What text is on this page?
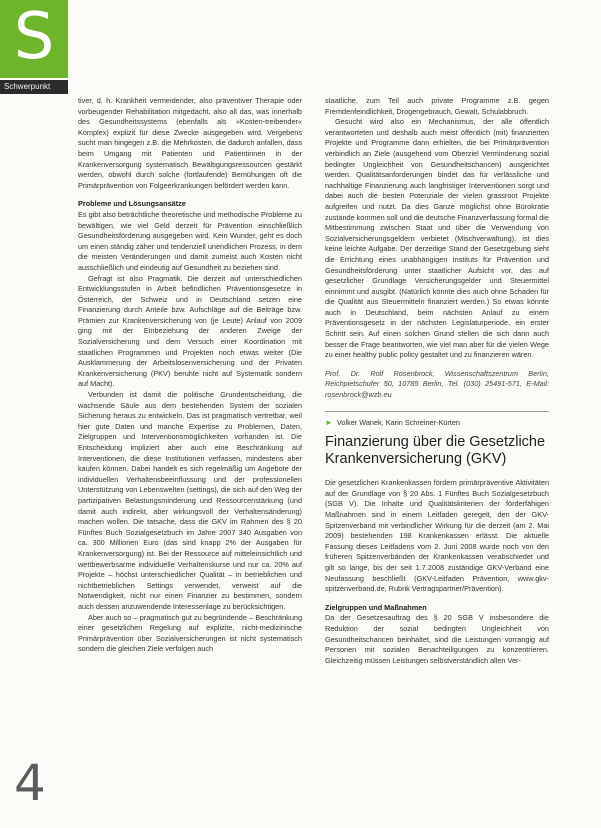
S
Schwerpunkt

tiver, d. h. Krankheit vermeidender, also präventiver Therapie oder vorbeugender Rehabilitation mitgedacht, also all das, was innerhalb des Gesundheitssystems (ebenfalls als »Kosten-treibender« Komplex) explizit für diese Zwecke ausgegeben wird. Vergebens sucht man hingegen z.B. die Mehrkosten, die dadurch anfallen, dass beim Umgang mit Patienten und Patientinnen in der Krankenversorgung systematisch Bewältigungsressourcen gestärkt werden, obwohl durch solche (fortlaufende) Bemühungen oft die Primärprävention von Folgeerkrankungen befördert werden kann.

Probleme und Lösungsansätze

Es gibt also beträchtliche theoretische und methodische Probleme zu bewältigen, wie viel Geld derzeit für Prävention einschließlich Gesundheitsförderung ausgegeben wird. Kein Wunder, geht es doch um einen ständig zäher und tendenziell unendlichen Prozess, in dem die meisten Veränderungen und damit zumeist auch Kosten nicht ausschließlich und eindeutig auf Gesundheit zu beziehen sind.

Gefragt ist also Pragmatik. Die derzeit auf unterschiedlichen Entwicklungsstufen in Arbeit befindlichen Präventionsgesetze in Österreich, der Schweiz und in Deutschland setzen eine Finanzierung durch Anteile bzw. Aufschläge auf die Beiträge bzw. Prämien zur Krankenversicherung von (je Leute) Anlauf von 2009 ging mit der Einbeziehung der anderen Zweige der Sozialversicherung und dem Versuch einer Koordination mit staatlichen Programmen und Projekten noch etwas weiter (Die Ausklammerung der Arbeitslosenversicherung und der Privaten Krankenversicherung (PKV) beruhte nicht auf Systematik sondern auf Macht).

Verbunden ist damit die politische Grundentscheidung, die wachsende Säule aus dem bestehenden System der sozialen Sicherung heraus zu entwickeln. Das ist pragmatisch vertretbar, weil hier gute Daten und manche Expertise zu Problemen, Daten, Zielgruppen und Interventionsmöglichkeiten vorhanden ist. Die Entscheidung impliziert aber auch eine Beschränkung auf Interventionen, die diese Institutionen verfassen, mindestens aber kaufen können. Dabei handelt es sich regelmäßig um Angebote der individuellen Verhaltensbeeinflussung und der professionellen Unterstützung von Lebenswelten (settings), die sich auf den Weg der partizipativen Belastungsminderung und Ressourcenstärkung (und damit auch indirekt, aber wirkungsvoll der Verhaltensänderung) machen wollen. Die tatsache, dass die GKV im Rahmen des § 20 Fünftes Buch Sozialgesetzbuch im Jahre 2007 340 Ausgaben von ca. 300 Millionen Euro (das sind knapp 2% der Ausgaben für Krankenversorgung) ist. Bei der Ressource auf mitteleinsichtlich und wettbewerbsarme individuelle Verhaltenskurse und nur ca. 20% auf Projekte – höchst unterschiedlicher Qualität – in betrieblichen und nichtbetrieblichen Settings verwendet, verweist auf die Notwendigkeit, nicht nur einen Finanzier zu bestimmen, sondern auch dessen anzuwendende Interessenlage zu berücksichtigen.

Aber auch so – pragmatisch gut zu begründende – Beschränkung einer gesetzlichen Regelung auf explizite, nicht-medizinische Primärprävention über Sozialversicherungen ist nicht systematisch sondern die gleichen Ziele verfolgen auch

staatliche, zum Teil auch private Programme z.B. gegen Fremdenfeindlichkeit, Drogengebrauch, Gewalt, Schulabbruch.

Gesucht wird also ein Mechanismus, der alle öffentlich verantworteten und deshalb auch meist öffentlich (mit) finanzierten Projekte und Programme dann erhielten, die bei Primärprävention verbindlich an Ziele (ausgehend vom Oberziel Verminderung sozial bedingter Ungleichheit von Gesundheitschancen) ausgerichtet werden. Qualitätsanforderungen bindet das für verlässliche und nachhaltige Finanzierung auch langfristiger Interventionen sorgt und dabei auch die besten Potenziale der vielen grassroot Projekte aufgreifen und nutzt. Da dies Ganze möglichst ohne Bürokratie zustande kommen soll und die deutsche Finanzverfassung formal die Mitbestimmung zwischen Staat und über die Verwendung von Sozialversicherungsgeldern verbietet (Mischverwaltung), ist dies keine leichte Aufgabe. Der derzeitige Stand der Gesetzgebung sieht die Errichtung eines unabhängigen Instituts für Prävention und Gesundheitsförderung unter staatlicher Aufsicht vor, das auf gesetzlicher Grundlage Versicherungsgelder und Steuermittel einnimmt und ausgibt. (Natürlich könnte dies auch ohne Schaden für die Qualität aus Steuermitteln finanziert werden.) So etwas könnte auch in Deutschland, beim nächsten Anlauf zu einem Präventionsgesetz in der nächsten Legislaturperiode, ein erster Schritt sein. Auf einen solchen Grund stellen die sich dann auch besser die Frage beantworten, wie viel man aber für die vielen Wege zu einer healthy public policy gestaltet und zu finanzieren wären.

Prof. Dr. Rolf Rosenbrock, Wissenschaftszentrum Berlin, Reichpietschufer 50, 10785 Berlin, Tel. (030) 25491-571, E-Mail: rosenbrock@wzb.eu

► Volker Wanek, Karin Schreiner-Kürten

Finanzierung über die Gesetzliche Krankenversicherung (GKV)

Die gesetzlichen Krankenkassen fördern primärpräventive Aktivitäten auf der Grundlage von § 20 Abs. 1 Fünftes Buch Sozialgesetzbuch (SGB V). Die Inhalte und Qualitätskriterien der förderfähigen Maßnahmen sind in einem Leitfaden geregelt, den der GKV-Spitzenverband mit verbindlicher Wirkung für die derzeit (am 2. Mai 2009) bestehenden 198 Krankenkassen erlässt. Die aktuelle Fassung dieses Leitfadens vom 2. Juni 2008 wurde noch von den früheren Spitzenverbänden der Krankenkassen verabschiedet und gilt so lange, bis der seit 1.7.2008 zuständige GKV-Verband eine Neufassung beschließt (GKV-Leitfaden Prävention, www.gkv-spitzenverband.de, Rubrik Vertragspartner/Prävention).

Zielgruppen und Maßnahmen

Da der Gesetzesauftrag des § 20 SGB V insbesondere die Reduktion der sozial bedingten Ungleichheit von Gesundheitschancen beinhaltet, sind die Leistungen vorrangig auf Personen mit sozialen Benachteiligungen zu konzentrieren. Gleichzeitig müssen Leistungen selbstverständlich allen Ver-

4
